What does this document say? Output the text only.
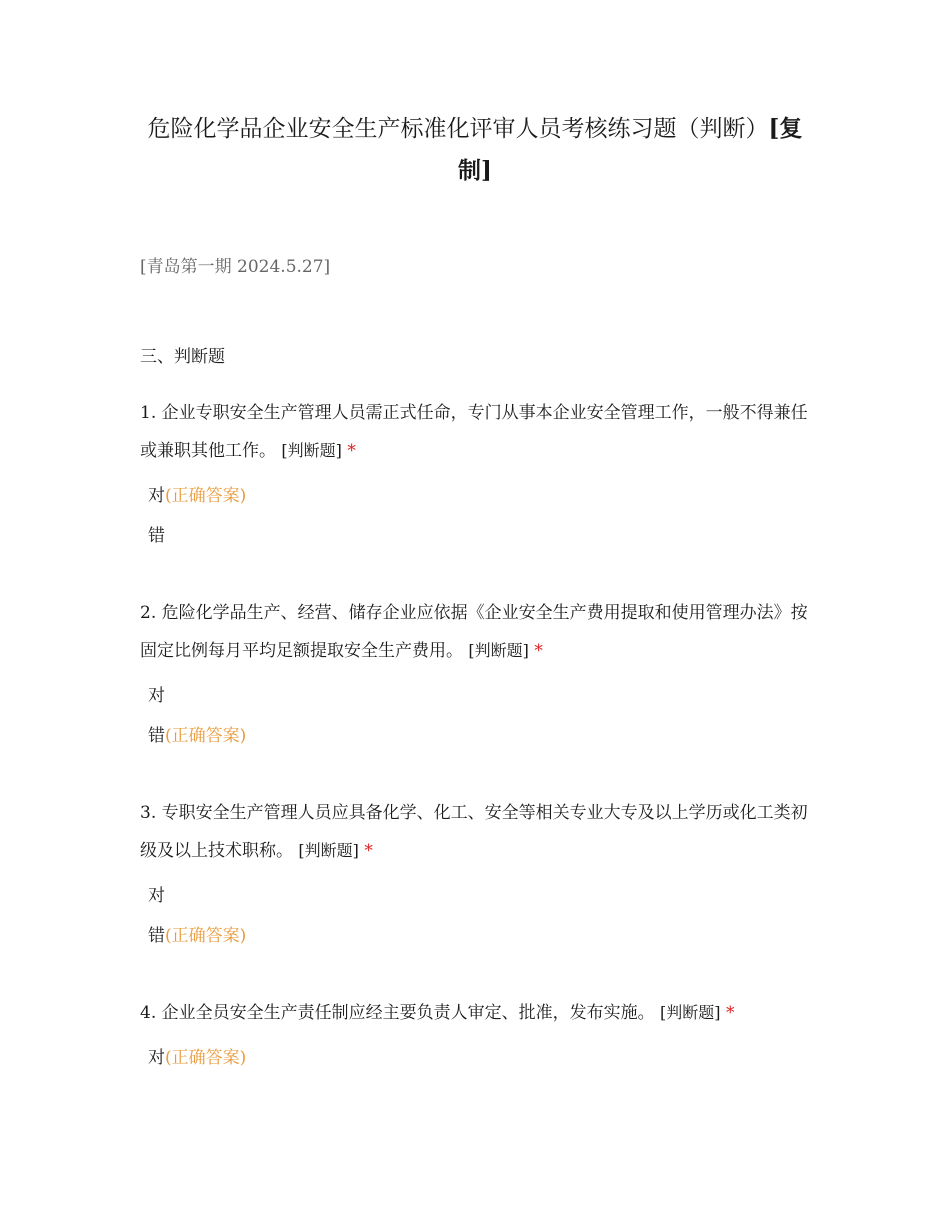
危险化学品企业安全生产标准化评审人员考核练习题（判断）[复制]
[青岛第一期 2024.5.27]
三、判断题
1. 企业专职安全生产管理人员需正式任命，专门从事本企业安全管理工作，一般不得兼任或兼职其他工作。 [判断题] *
对(正确答案)
错
2. 危险化学品生产、经营、储存企业应依据《企业安全生产费用提取和使用管理办法》按固定比例每月平均足额提取安全生产费用。 [判断题] *
对
错(正确答案)
3. 专职安全生产管理人员应具备化学、化工、安全等相关专业大专及以上学历或化工类初级及以上技术职称。 [判断题] *
对
错(正确答案)
4. 企业全员安全生产责任制应经主要负责人审定、批准，发布实施。 [判断题] *
对(正确答案)
